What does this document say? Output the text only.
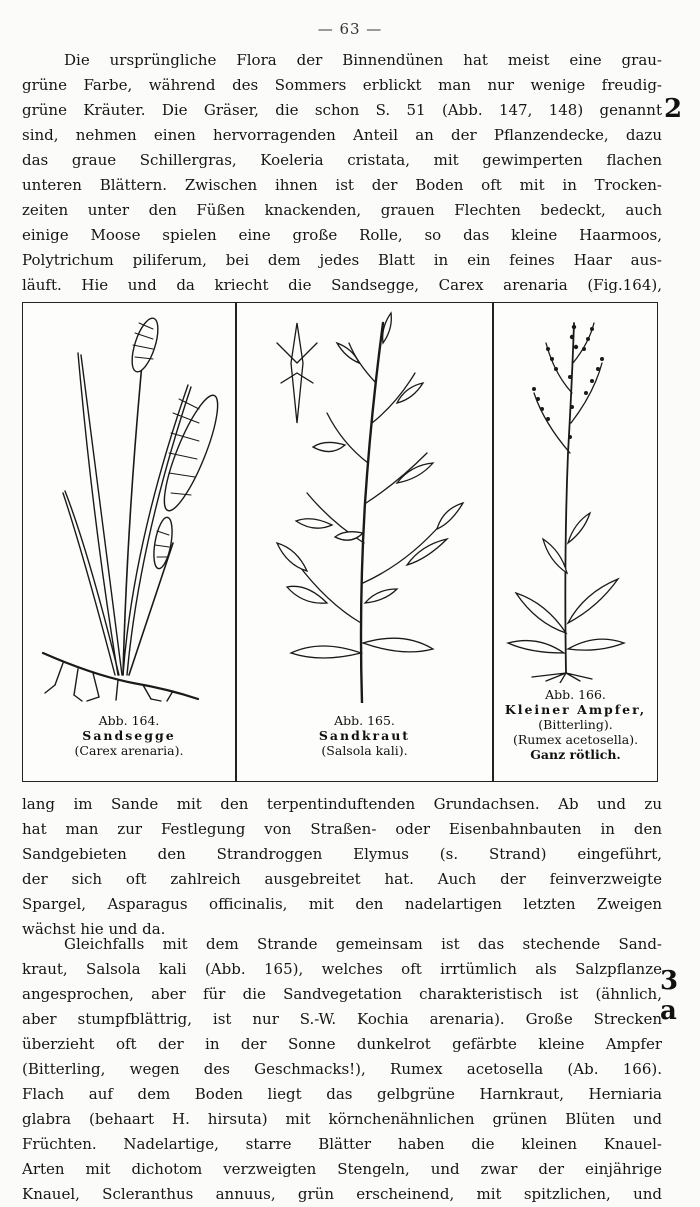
— 63 —
Die ursprüngliche Flora der Binnendünen hat meist eine grau-
grüne Farbe, während des Sommers erblickt man nur wenige freudig-
grüne Kräuter. Die Gräser, die schon S. 51 (Abb. 147, 148) genannt
sind, nehmen einen hervorragenden Anteil an der Pflanzendecke, dazu
das graue Schillergras, Koeleria cristata, mit gewimperten flachen
unteren Blättern. Zwischen ihnen ist der Boden oft mit in Trocken-
zeiten unter den Füßen knackenden, grauen Flechten bedeckt, auch
einige Moose spielen eine große Rolle, so das kleine Haarmoos,
Polytrichum piliferum, bei dem jedes Blatt in ein feines Haar aus-
läuft. Hie und da kriecht die Sandsegge, Carex arenaria (Fig.164),
2
Abb. 164.
Sandsegge
(Carex arenaria).
Abb. 165.
Sandkraut
(Salsola kali).
Abb. 166.
Kleiner Ampfer,
(Bitterling).
(Rumex acetosella).
Ganz rötlich.
lang im Sande mit den terpentinduftenden Grundachsen. Ab und zu
hat man zur Festlegung von Straßen- oder Eisenbahnbauten in den
Sandgebieten den Strandroggen Elymus (s. Strand) eingeführt,
der sich oft zahlreich ausgebreitet hat. Auch der feinverzweigte
Spargel, Asparagus officinalis, mit den nadelartigen letzten Zweigen
wächst hie und da.
Gleichfalls mit dem Strande gemeinsam ist das stechende Sand-
kraut, Salsola kali (Abb. 165), welches oft irrtümlich als Salzpflanze
angesprochen, aber für die Sandvegetation charakteristisch ist (ähnlich,
aber stumpfblättrig, ist nur S.-W. Kochia arenaria). Große Strecken
überzieht oft der in der Sonne dunkelrot gefärbte kleine Ampfer
(Bitterling, wegen des Geschmacks!), Rumex acetosella (Ab. 166).
Flach auf dem Boden liegt das gelbgrüne Harnkraut, Herniaria
glabra (behaart H. hirsuta) mit körnchenähnlichen grünen Blüten und
Früchten. Nadelartige, starre Blätter haben die kleinen Knauel-
Arten mit dichotom verzweigten Stengeln, und zwar der einjährige
Knauel, Scleranthus annuus, grün erscheinend, mit spitzlichen, und
3 a
